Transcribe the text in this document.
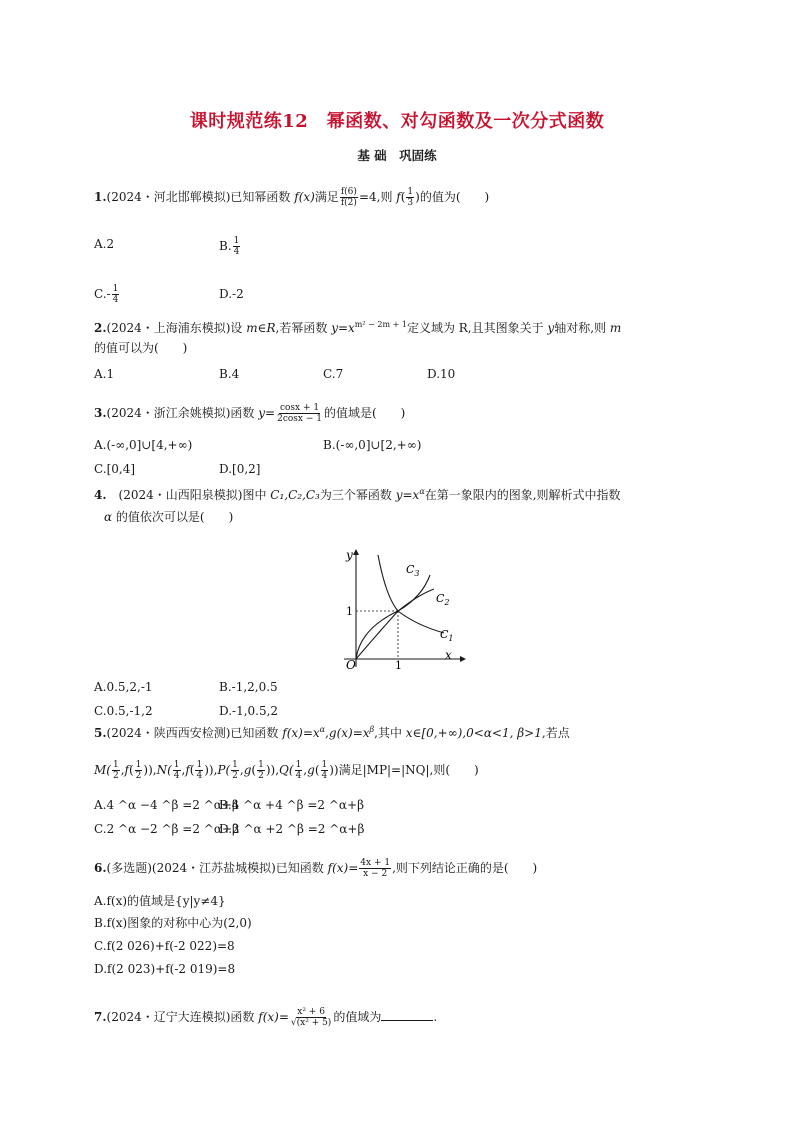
课时规范练12　幂函数、对勾函数及一次分式函数
基 础　巩固练
1.(2024・河北邯郸模拟)已知幂函数 f(x)满足 $\frac{f(6)}{f(2)} =4$,则 $f( \frac{1}{3}$ )的值为(　　)
A.2	B. $\frac{1}{4}$
$C.- \frac{1}{4}$	D.-2
2.(2024・上海浦东模拟)设 m∈R,若幂函数 $y=x^{m^2 - 2m + 1}$定义域为 R,且其图象关于 y轴对称,则 m
的值可以为(　　)
A.1	B.4	C.7	D.10
3.(2024・浙江余姚模拟)函数 $y= \frac{\cos x + 1}{2\cos x - 1}$ 的值域是(　　)
A.(-∞,0]∪[4,+∞)	B.(-∞,0]∪[2,+∞)
C.[0,4]	D.[0,2]
4.　 (2024・山西阳泉模拟)图中 C₁,C₂,C₃为三个幂函数 $y=x^\alpha$在第一象限内的图象,则解析式中指数
α 的值依次可以是(　　)
y
x
O	1
1
$C_3$
$C_2$
$C_1$
A.0.5,2,-1	B.-1,2,0.5
C.0.5,-1,2	D.-1,0.5,2
5.(2024・陕西西安检测)已知函数 $f(x)=x^\alpha,g(x)=x^\beta$,其中 x∈[0,+∞),0<α<1, β>1,若点
$M( \frac{1}{2} ,f( \frac{1}{2} )),N( \frac{1}{4} ,f( \frac{1}{4} )),P( \frac{1}{2} ,g( \frac{1}{2} )),Q( \frac{1}{4} ,g( \frac{1}{4}$ ))满足|MP|=|NQ|,则(　　)
A.4 ^α −4 ^β =2 ^α+β
B.4 ^α +4 ^β =2 ^α+β
C.2 ^α −2 ^β =2 ^α+β
D.2 ^α +2 ^β =2 ^α+β
6.(多选题)(2024・江苏盐城模拟)已知函数 $f(x)= \frac{4x + 1}{x - 2}$ ,则下列结论正确的是(　　)
A.f(x)的值域是{y|y≠4}
B.f(x)图象的对称中心为(2,0)
C.f(2 026)+f(-2 022)=8
D.f(2 023)+f(-2 019)=8
7.(2024・辽宁大连模拟)函数 $f(x)= \frac{\text{x² + 6}}{\text{√(x² + 5)}}$ 的值域为	.
